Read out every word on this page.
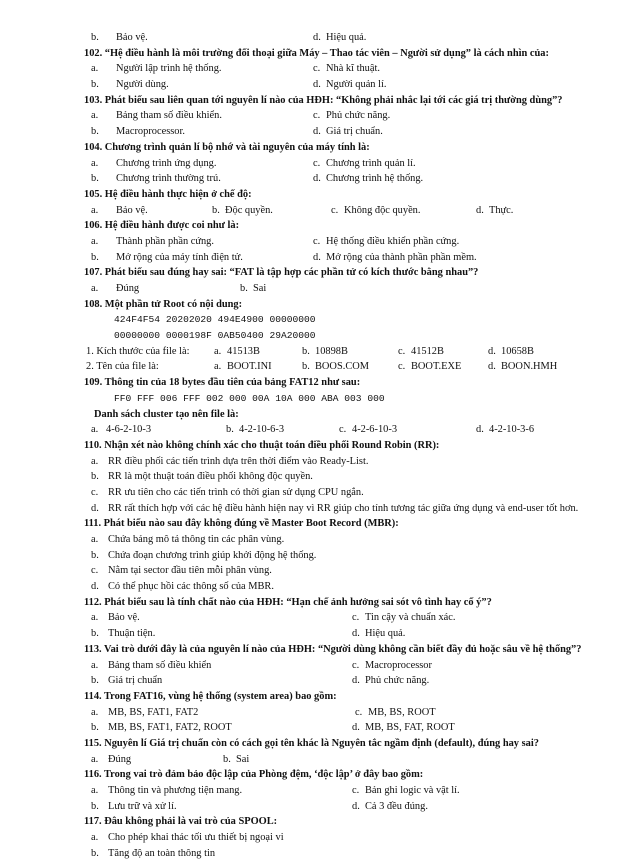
b. Bảo vệ.	d. Hiệu quả.
102. “Hệ điều hành là môi trường đối thoại giữa Máy – Thao tác viên – Người sử dụng” là cách nhìn của:
a. Người lập trình hệ thống.	c. Nhà kĩ thuật.
b. Người dùng.	d. Người quản lí.
103. Phát biểu sau liên quan tới nguyên lí nào của HĐH: “Không phải nhắc lại tới các giá trị thường dùng”?
a. Bảng tham số điều khiển.	c. Phủ chức năng.
b. Macroprocessor.	d. Giá trị chuẩn.
104. Chương trình quản lí bộ nhớ và tài nguyên của máy tính là:
a. Chương trình ứng dụng.	c. Chương trình quản lí.
b. Chương trình thường trú.	d. Chương trình hệ thống.
105. Hệ điều hành thực hiện ở chế độ:
a. Bảo vệ.	b. Độc quyền.	c. Không độc quyền.	d. Thực.
106. Hệ điều hành được coi như là:
a. Thành phần phần cứng.	c. Hệ thống điều khiển phần cứng.
b. Mở rộng của máy tính điện tử.	d. Mở rộng của thành phần phần mềm.
107. Phát biểu sau đúng hay sai: “FAT là tập hợp các phần tử có kích thước bằng nhau”?
a. Đúng	b. Sai
108. Một phần tử Root có nội dung:
424F4F54 20202020 494E4900 00000000
00000000 0000198F 0AB50400 29A20000
1. Kích thước của file là: a. 41513B	b. 10898B	c. 41512B	d. 10658B
2. Tên của file là:	a. BOOT.INI	b. BOOS.COM	c. BOOT.EXE	d. BOON.HMH
109. Thông tin của 18 bytes đầu tiên của bảng FAT12 như sau:
FF0 FFF 006 FFF 002 000 00A 10A 000 ABA 003 000
Danh sách cluster tạo nên file là:
a. 4-6-2-10-3	b. 4-2-10-6-3	c. 4-2-6-10-3	d. 4-2-10-3-6
110. Nhận xét nào không chính xác cho thuật toán điều phối Round Robin (RR):
a. RR điều phối các tiến trình dựa trên thời điểm vào Ready-List.
b. RR là một thuật toán điều phối không độc quyền.
c. RR ưu tiên cho các tiến trình có thời gian sử dụng CPU ngắn.
d. RR rất thích hợp với các hệ điều hành hiện nay vì RR giúp cho tính tương tác giữa ứng dụng và end-user tốt hơn.
111. Phát biểu nào sau đây không đúng về Master Boot Record (MBR):
a. Chứa bảng mô tả thông tin các phân vùng.
b. Chứa đoạn chương trình giúp khởi động hệ thống.
c. Nằm tại sector đầu tiên mỗi phân vùng.
d. Có thể phục hồi các thông số của MBR.
112. Phát biểu sau là tính chất nào của HĐH: “Hạn chế ảnh hưởng sai sót vô tình hay cố ý”?
a. Bảo vệ.	c. Tin cậy và chuẩn xác.
b. Thuận tiện.	d. Hiệu quả.
113. Vai trò dưới đây là của nguyên lí nào của HĐH: “Người dùng không cần biết đầy đủ hoặc sâu về hệ thống”?
a. Bảng tham số điều khiển	c. Macroprocessor
b. Giá trị chuẩn	d. Phủ chức năng.
114. Trong FAT16, vùng hệ thống (system area) bao gồm:
a. MB, BS, FAT1, FAT2	c. MB, BS, ROOT
b. MB, BS, FAT1, FAT2, ROOT	d. MB, BS, FAT, ROOT
115. Nguyên lí Giá trị chuẩn còn có cách gọi tên khác là Nguyên tắc ngầm định (default), đúng hay sai?
a. Đúng	b. Sai
116. Trong vai trò đảm bảo độc lập của Phòng đệm, ‘độc lập’ ở đây bao gồm:
a. Thông tin và phương tiện mang.	c. Bản ghi logic và vật lí.
b. Lưu trữ và xử lí.	d. Cả 3 đều đúng.
117. Đâu không phải là vai trò của SPOOL:
a. Cho phép khai thác tối ưu thiết bị ngoại vi
b. Tăng độ an toàn thông tin
